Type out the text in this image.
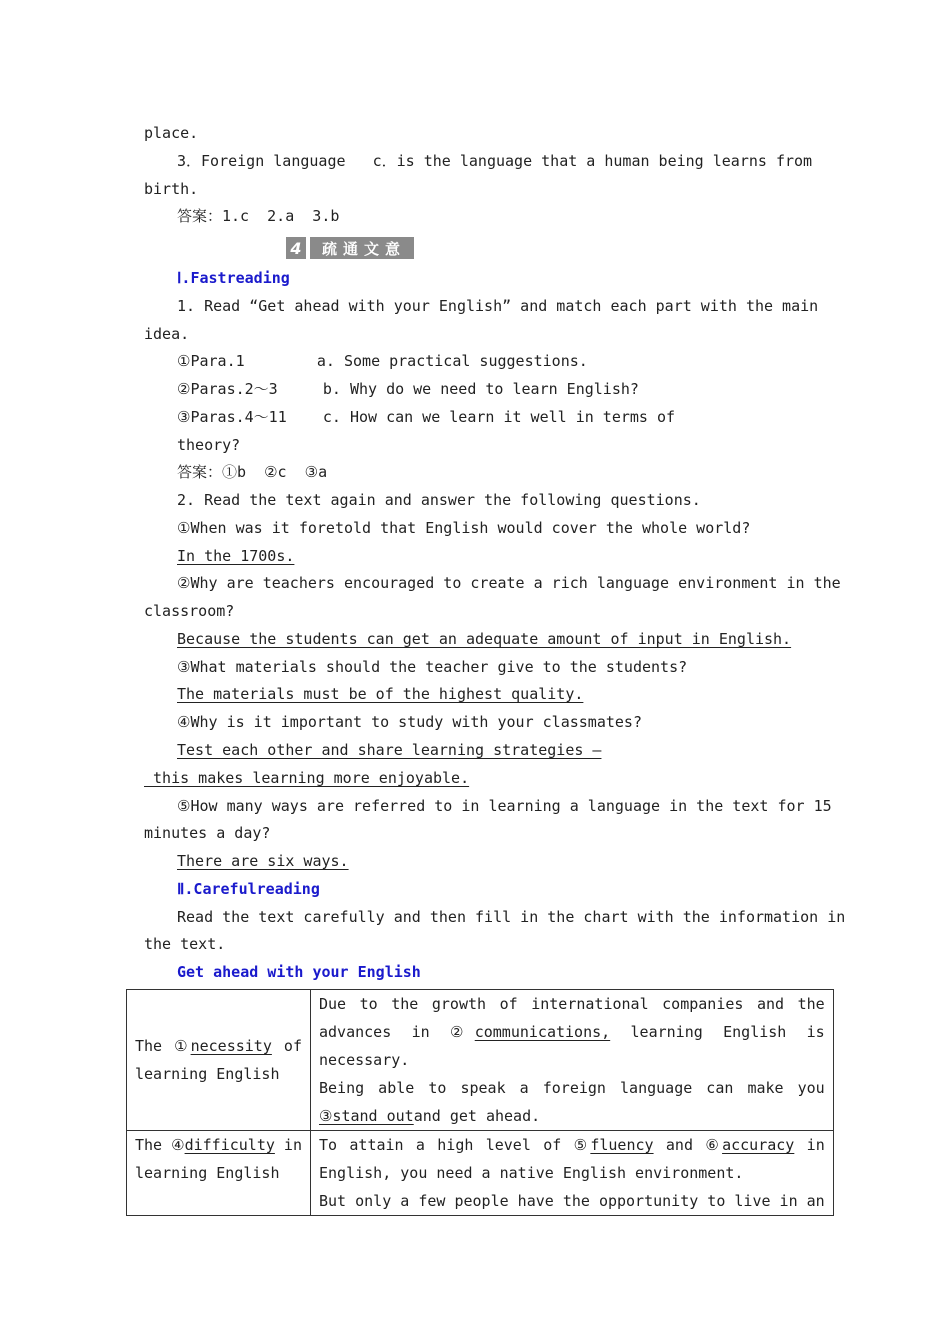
place.
3．Foreign language   c．is the language that a human being learns from
birth.
答案：1.c  2.a  3.b
Ⅰ.Fastreading
1. Read “Get ahead with your English” and match each part with the main
idea.
①Para.1        a. Some practical suggestions.
②Paras.2～3     b. Why do we need to learn English?
③Paras.4～11    c. How can we learn it well in terms of
theory?
答案：①b  ②c  ③a
2. Read the text again and answer the following questions.
①When was it foretold that English would cover the whole world?
In the 1700s.
②Why are teachers encouraged to create a rich language environment in the
classroom?
Because the students can get an adequate amount of input in English.
③What materials should the teacher give to the students?
The materials must be of the highest quality.
④Why is it important to study with your classmates?
Test each other and share learning strategies —
this makes learning more enjoyable.
⑤How many ways are referred to in learning a language in the text for 15
minutes a day?
There are six ways.
Ⅱ.Carefulreading
Read the text carefully and then fill in the chart with the information in
the text.
Get ahead with your English
4	疏通文意
The ①necessity of
learning English	Due to the growth of international companies and the
advances in ②communications, learning English is
necessary.
Being able to speak a foreign language can make you
③stand outand get ahead.

The ④difficulty in
learning English	To attain a high level of ⑤fluency and ⑥accuracy in
English, you need a native English environment.
But only a few people have the opportunity to live in an
